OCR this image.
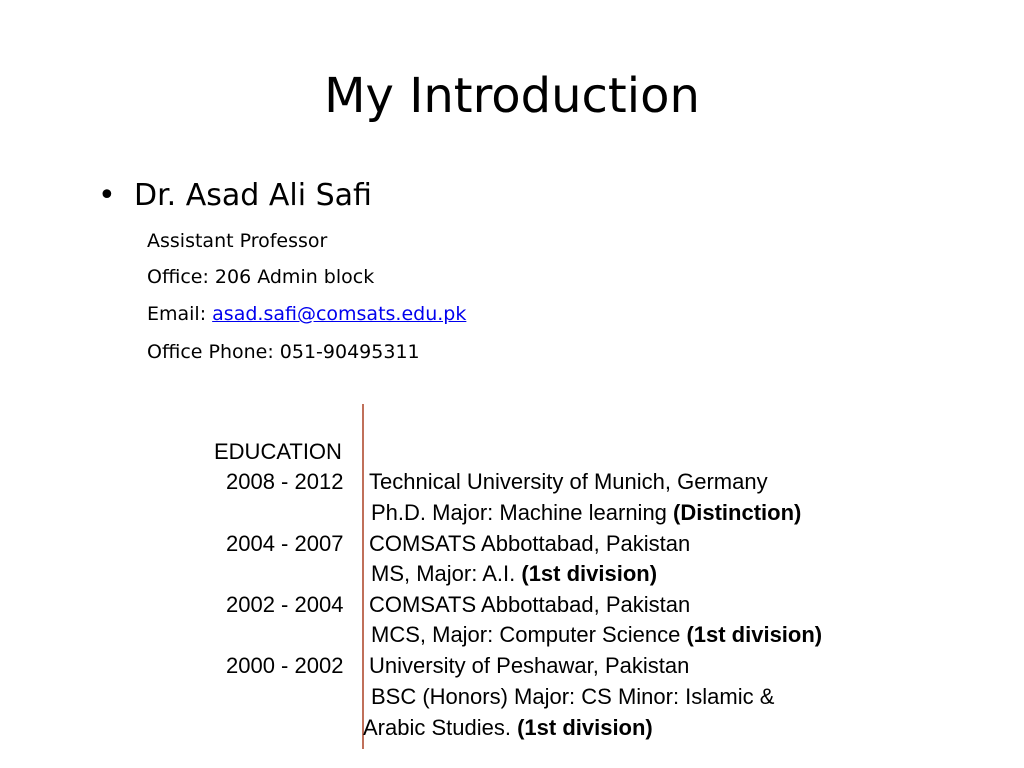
My Introduction
• Dr. Asad Ali Safi
Assistant Professor
Office: 206 Admin block
Email: asad.safi@comsats.edu.pk
Office Phone: 051-90495311
EDUCATION
2008 - 2012 Technical University of Munich, Germany
Ph.D. Major: Machine learning (Distinction)
2004 - 2007 COMSATS Abbottabad, Pakistan
MS, Major: A.I. (1st division)
2002 - 2004 COMSATS Abbottabad, Pakistan
MCS, Major: Computer Science (1st division)
2000 - 2002 University of Peshawar, Pakistan
BSC (Honors) Major: CS Minor: Islamic &
Arabic Studies. (1st division)
